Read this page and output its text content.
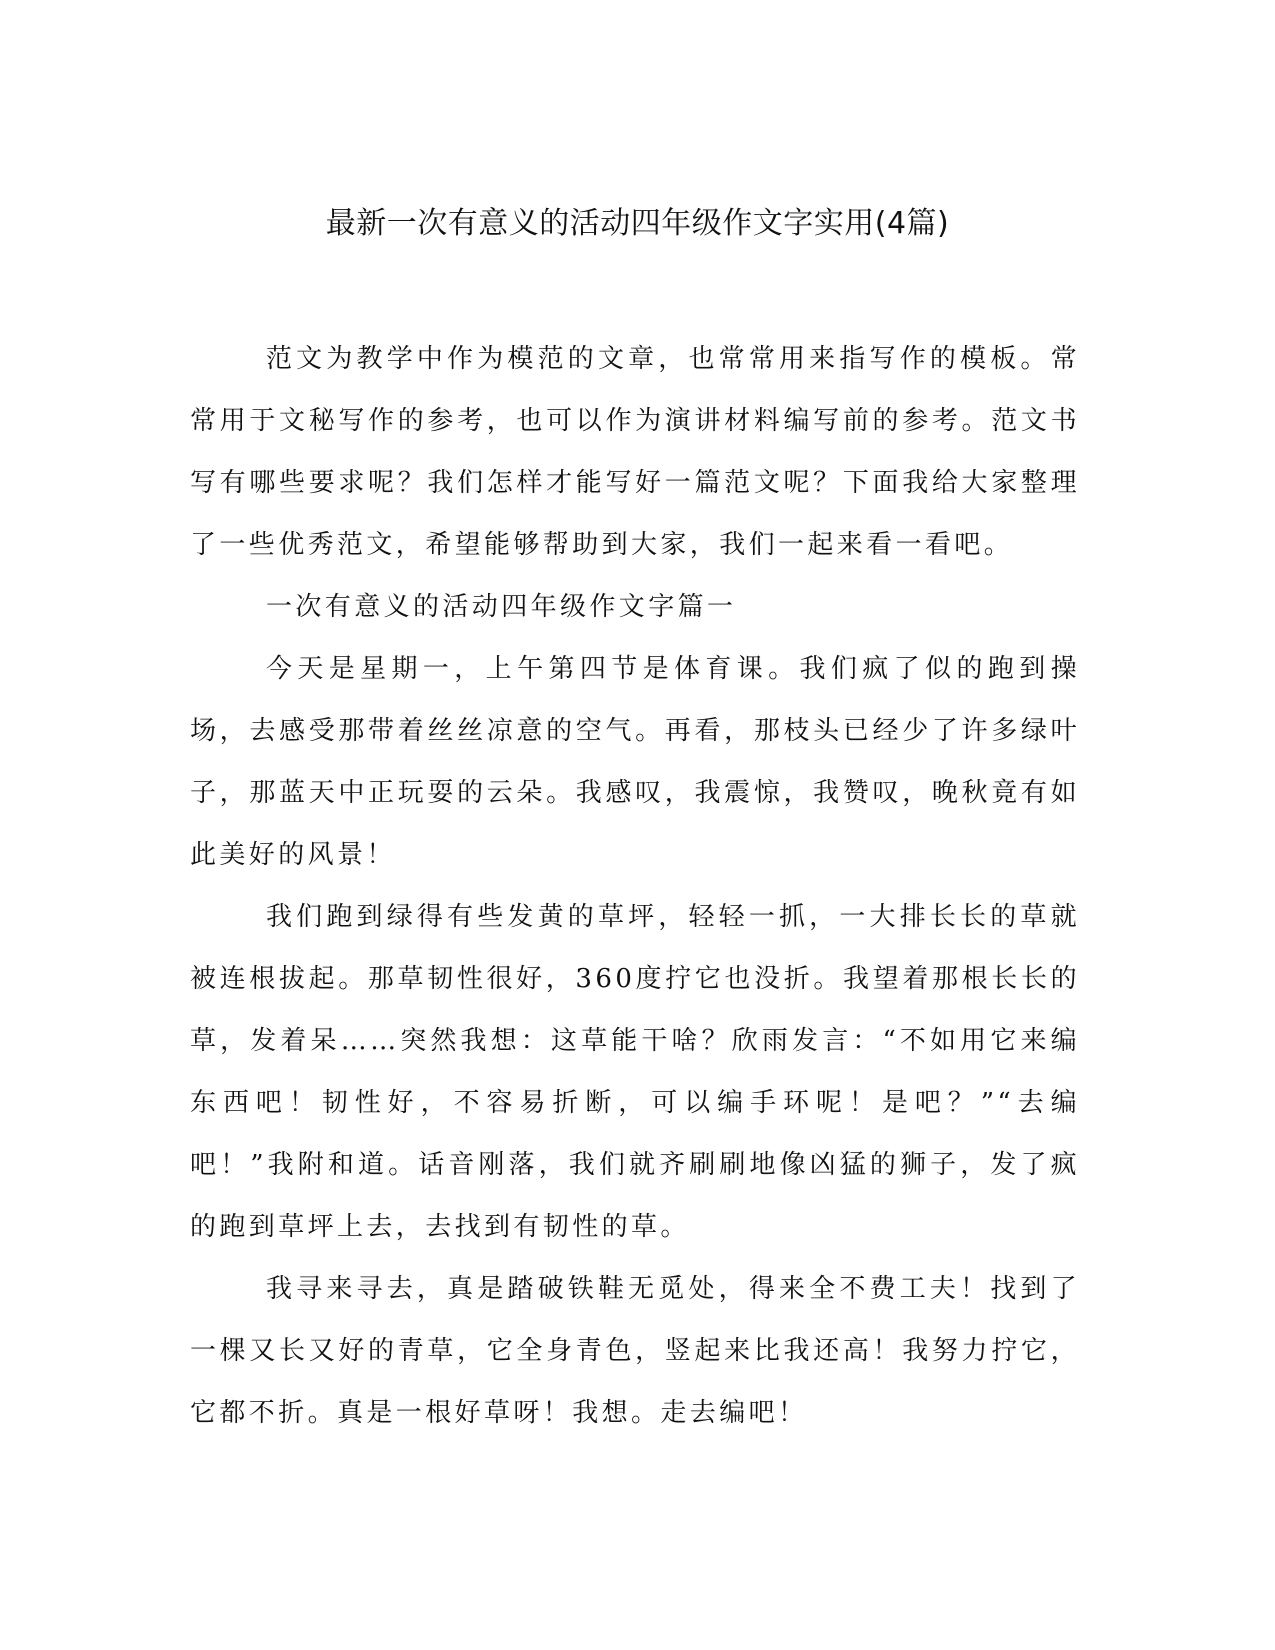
最新一次有意义的活动四年级作文字实用(4篇)

范文为教学中作为模范的文章，也常常用来指写作的模板。常常用于文秘写作的参考，也可以作为演讲材料编写前的参考。范文书写有哪些要求呢？我们怎样才能写好一篇范文呢？下面我给大家整理了一些优秀范文，希望能够帮助到大家，我们一起来看一看吧。

一次有意义的活动四年级作文字篇一

今天是星期一，上午第四节是体育课。我们疯了似的跑到操场，去感受那带着丝丝凉意的空气。再看，那枝头已经少了许多绿叶子，那蓝天中正玩耍的云朵。我感叹，我震惊，我赞叹，晚秋竟有如此美好的风景！

我们跑到绿得有些发黄的草坪，轻轻一抓，一大排长长的草就被连根拔起。那草韧性很好，360度拧它也没折。我望着那根长长的草，发着呆……突然我想：这草能干啥？欣雨发言：“不如用它来编东西吧！韧性好，不容易折断，可以编手环呢！是吧？”“去编吧！”我附和道。话音刚落，我们就齐刷刷地像凶猛的狮子，发了疯的跑到草坪上去，去找到有韧性的草。

我寻来寻去，真是踏破铁鞋无觅处，得来全不费工夫！找到了一棵又长又好的青草，它全身青色，竖起来比我还高！我努力拧它，它都不折。真是一根好草呀！我想。走去编吧！
